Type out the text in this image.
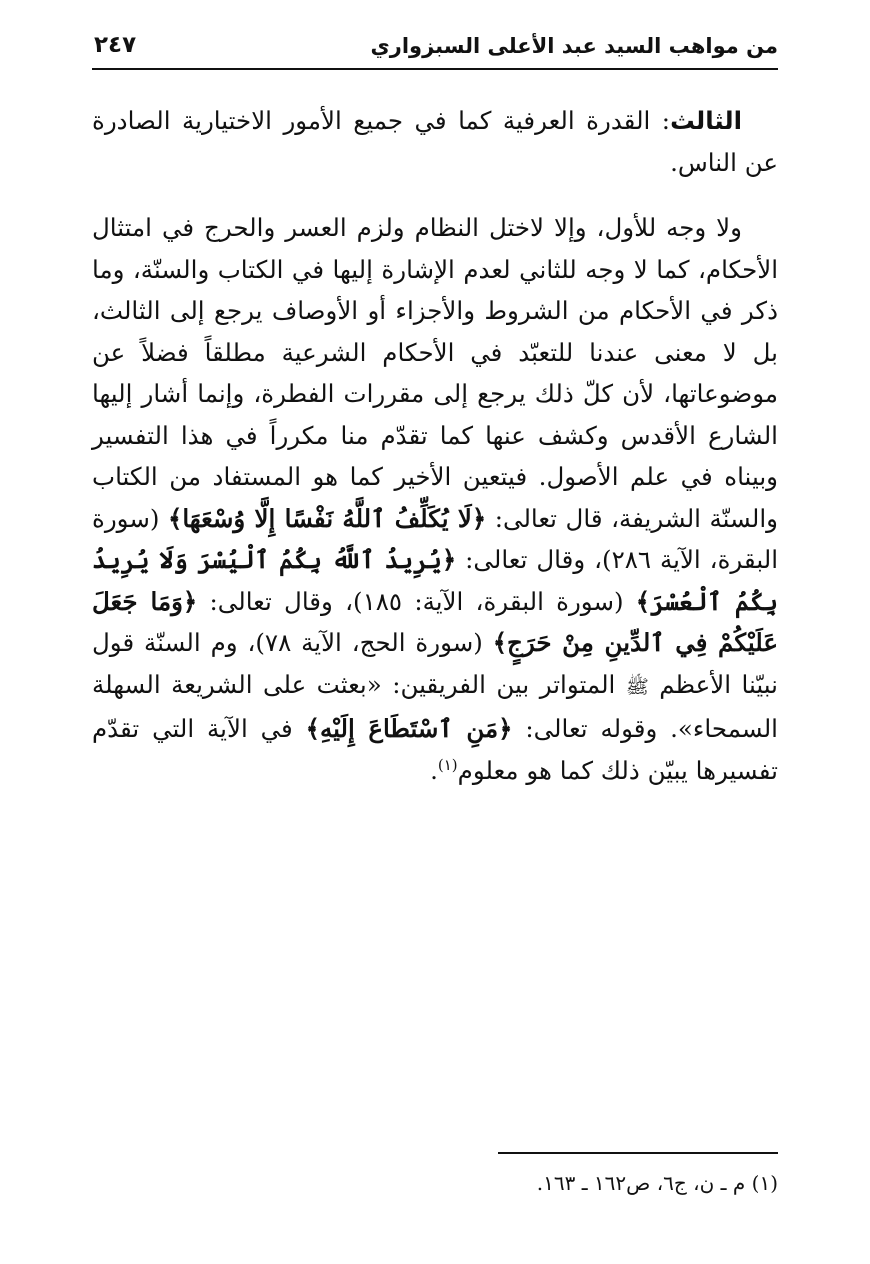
من مواهب السيد عبد الأعلى السبزواري
٢٤٧

الثالث: القدرة العرفية كما في جميع الأمور الاختيارية الصادرة عن الناس.

ولا وجه للأول، وإلا لاختل النظام ولزم العسر والحرج في امتثال الأحكام، كما لا وجه للثاني لعدم الإشارة إليها في الكتاب والسنّة، وما ذكر في الأحكام من الشروط والأجزاء أو الأوصاف يرجع إلى الثالث، بل لا معنى عندنا للتعبّد في الأحكام الشرعية مطلقاً فضلاً عن موضوعاتها، لأن كلّ ذلك يرجع إلى مقررات الفطرة، وإنما أشار إليها الشارع الأقدس وكشف عنها كما تقدّم منا مكرراً في هذا التفسير وبيناه في علم الأصول. فيتعين الأخير كما هو المستفاد من الكتاب والسنّة الشريفة، قال تعالى: ﴿لَا يُكَلِّفُ ٱللَّهُ نَفْسًا إِلَّا وُسْعَهَا﴾ (سورة البقرة، الآية ٢٨٦)، وقال تعالى: ﴿يُرِيدُ ٱللَّهُ بِكُمُ ٱلْيُسْرَ وَلَا يُرِيدُ بِكُمُ ٱلْعُسْرَ﴾ (سورة البقرة، الآية: ١٨٥)، وقال تعالى: ﴿وَمَا جَعَلَ عَلَيْكُمْ فِي ٱلدِّينِ مِنْ حَرَجٍ﴾ (سورة الحج، الآية ٧٨)، وم السنّة قول نبيّنا الأعظم ﷺ المتواتر بين الفريقين: «بعثت على الشريعة السهلة السمحاء». وقوله تعالى: ﴿مَنِ ٱسْتَطَاعَ إِلَيْهِ﴾ في الآية التي تقدّم تفسيرها يبيّن ذلك كما هو معلوم$^{(١)}$.

(١) م ـ ن، ج٦، ص١٦٢ ـ ١٦٣.
